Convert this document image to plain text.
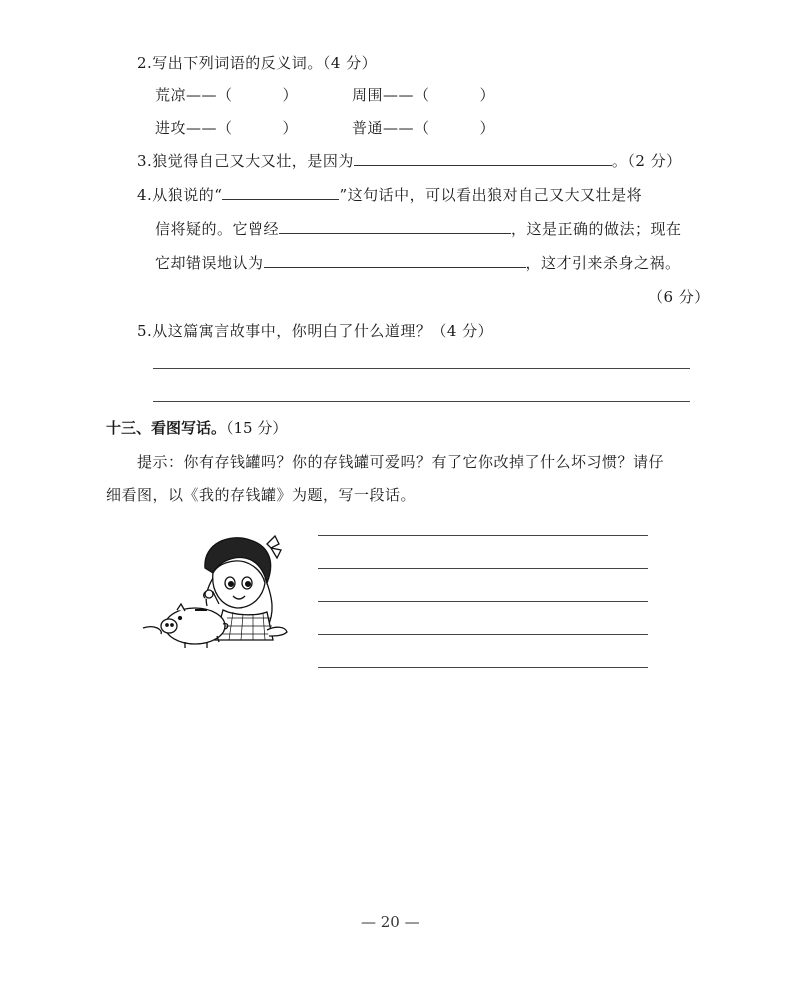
2.写出下列词语的反义词。（4 分）
荒凉——（	）	周围——（	）
进攻——（	）	普通——（	）
3.狼觉得自己又大又壮，是因为	。（2 分）
4.从狼说的“	”这句话中，可以看出狼对自己又大又壮是将
信将疑的。它曾经	，这是正确的做法；现在
它却错误地认为	，这才引来杀身之祸。
（6 分）
5.从这篇寓言故事中，你明白了什么道理？（4 分）
十三、看图写话。（15 分）
提示：你有存钱罐吗？你的存钱罐可爱吗？有了它你改掉了什么坏习惯？请仔
细看图，以《我的存钱罐》为题，写一段话。
— 20 —
